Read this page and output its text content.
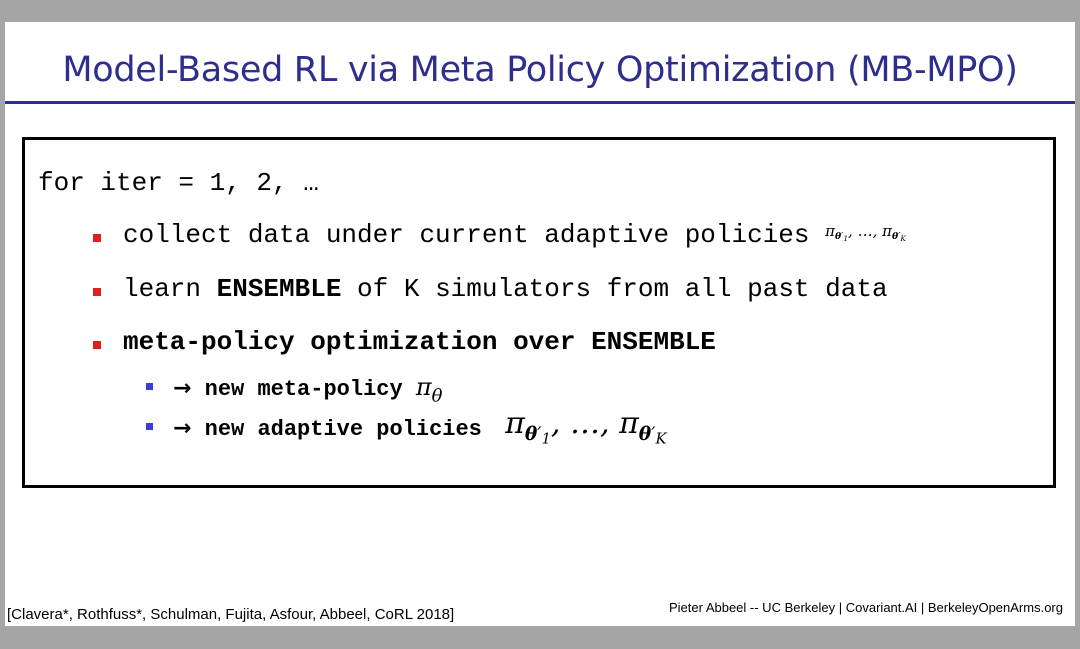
Model-Based RL via Meta Policy Optimization (MB-MPO)
for iter = 1, 2, …
collect data under current adaptive policies $^{\pi_{\theta'_1}, \dots, \pi_{\theta'_K}}$
learn ENSEMBLE of K simulators from all past data
meta-policy optimization over ENSEMBLE
→ new meta-policy $\pi_\theta$
→ new adaptive policies $\pi_{\theta'_1}$, …, $\pi_{\theta'_K}$
[Clavera*, Rothfuss*, Schulman, Fujita, Asfour, Abbeel, CoRL 2018]	Pieter Abbeel -- UC Berkeley | Covariant.AI | BerkeleyOpenArms.org
